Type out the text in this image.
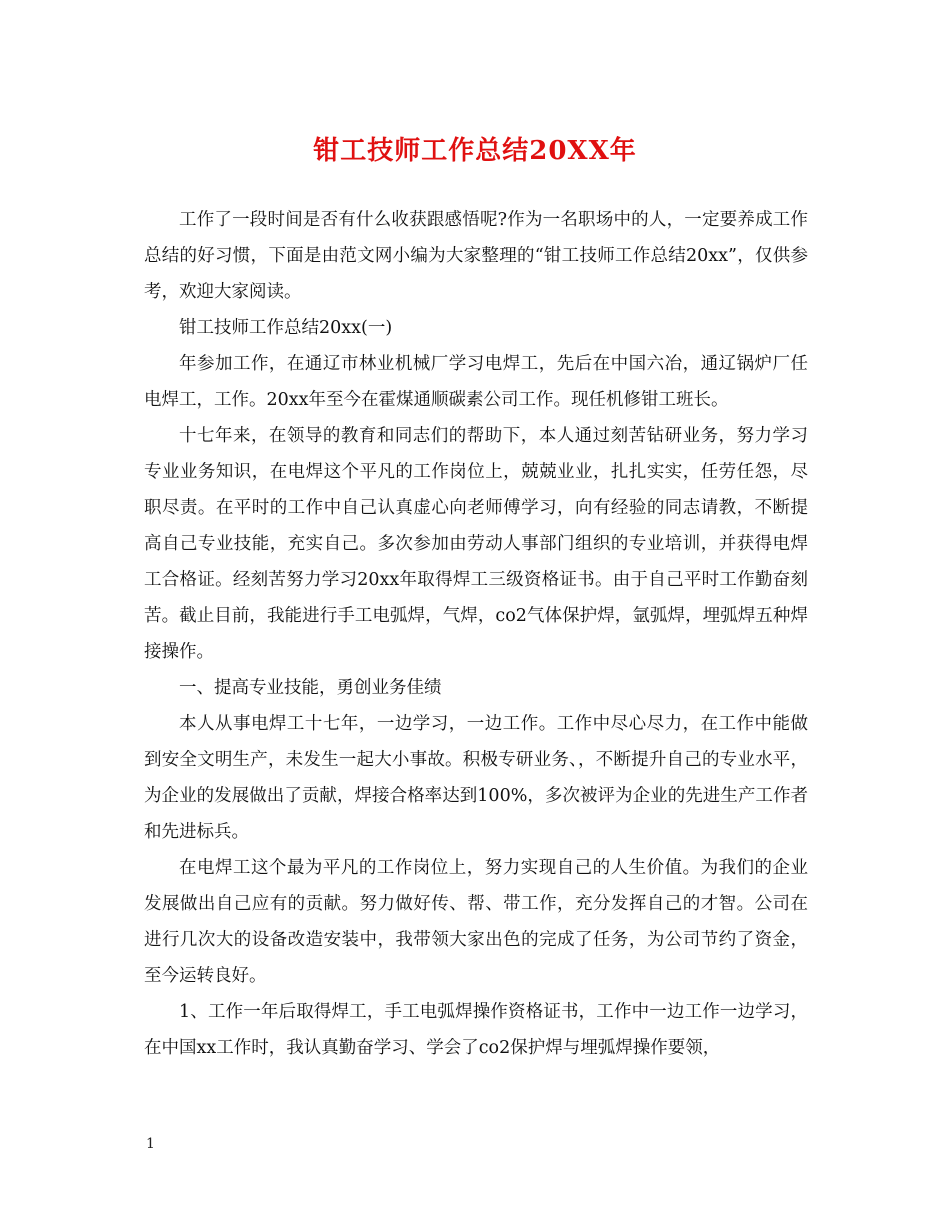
钳工技师工作总结20XX年

工作了一段时间是否有什么收获跟感悟呢?作为一名职场中的人，一定要养成工作总结的好习惯，下面是由范文网小编为大家整理的“钳工技师工作总结20xx”，仅供参考，欢迎大家阅读。

钳工技师工作总结20xx(一)

年参加工作，在通辽市林业机械厂学习电焊工，先后在中国六冶，通辽锅炉厂任电焊工，工作。20xx年至今在霍煤通顺碳素公司工作。现任机修钳工班长。

十七年来，在领导的教育和同志们的帮助下，本人通过刻苦钻研业务，努力学习专业业务知识，在电焊这个平凡的工作岗位上，兢兢业业，扎扎实实，任劳任怨，尽职尽责。在平时的工作中自己认真虚心向老师傅学习，向有经验的同志请教，不断提高自己专业技能，充实自己。多次参加由劳动人事部门组织的专业培训，并获得电焊工合格证。经刻苦努力学习20xx年取得焊工三级资格证书。由于自己平时工作勤奋刻苦。截止目前，我能进行手工电弧焊，气焊，co2气体保护焊，氩弧焊，埋弧焊五种焊接操作。

一、提高专业技能，勇创业务佳绩

本人从事电焊工十七年，一边学习，一边工作。工作中尽心尽力，在工作中能做到安全文明生产，未发生一起大小事故。积极专研业务、，不断提升自己的专业水平，为企业的发展做出了贡献，焊接合格率达到100%，多次被评为企业的先进生产工作者和先进标兵。

在电焊工这个最为平凡的工作岗位上，努力实现自己的人生价值。为我们的企业发展做出自己应有的贡献。努力做好传、帮、带工作，充分发挥自己的才智。公司在进行几次大的设备改造安装中，我带领大家出色的完成了任务，为公司节约了资金，至今运转良好。

1、工作一年后取得焊工，手工电弧焊操作资格证书，工作中一边工作一边学习，在中国xx工作时，我认真勤奋学习、学会了co2保护焊与埋弧焊操作要领，

1
